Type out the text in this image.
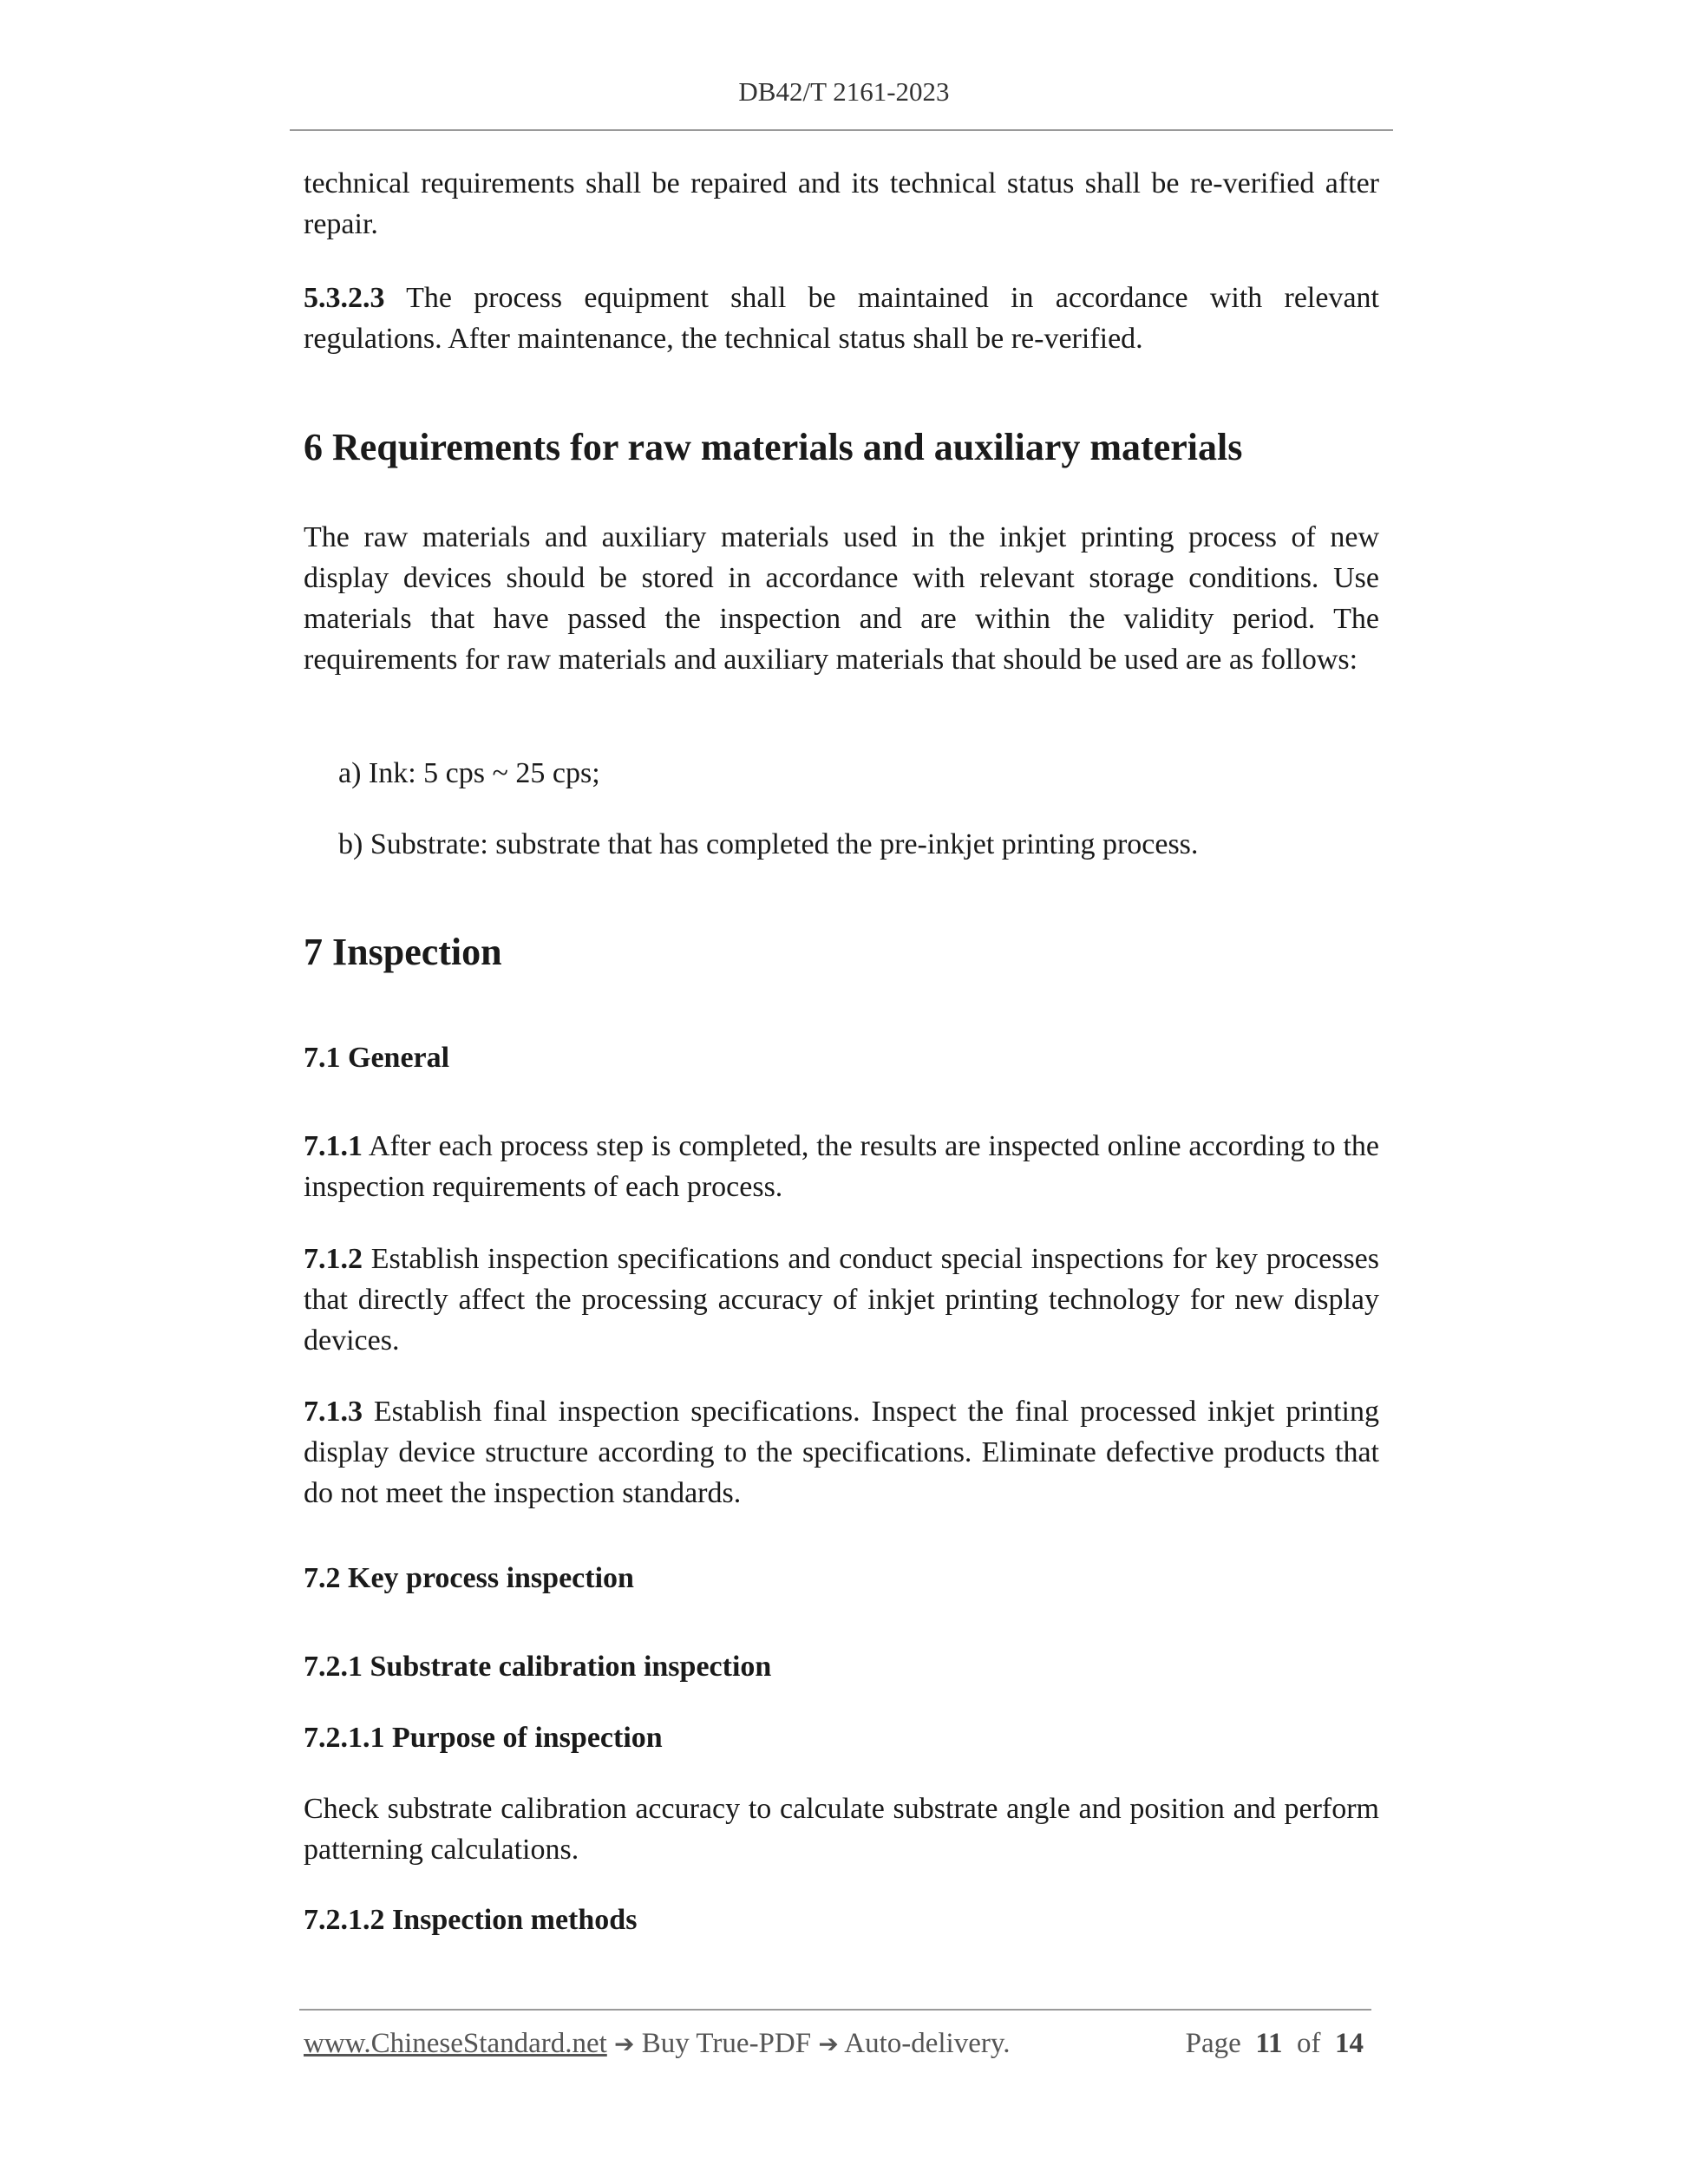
DB42/T 2161-2023

technical requirements shall be repaired and its technical status shall be re-verified after repair.

5.3.2.3 The process equipment shall be maintained in accordance with relevant regulations. After maintenance, the technical status shall be re-verified.

6 Requirements for raw materials and auxiliary materials

The raw materials and auxiliary materials used in the inkjet printing process of new display devices should be stored in accordance with relevant storage conditions. Use materials that have passed the inspection and are within the validity period. The requirements for raw materials and auxiliary materials that should be used are as follows:

a) Ink: 5 cps ~ 25 cps;

b) Substrate: substrate that has completed the pre-inkjet printing process.

7 Inspection
7.1 General

7.1.1 After each process step is completed, the results are inspected online according to the inspection requirements of each process.

7.1.2 Establish inspection specifications and conduct special inspections for key processes that directly affect the processing accuracy of inkjet printing technology for new display devices.

7.1.3 Establish final inspection specifications. Inspect the final processed inkjet printing display device structure according to the specifications. Eliminate defective products that do not meet the inspection standards.

7.2 Key process inspection
7.2.1 Substrate calibration inspection
7.2.1.1 Purpose of inspection

Check substrate calibration accuracy to calculate substrate angle and position and perform patterning calculations.

7.2.1.2 Inspection methods
www.ChineseStandard.net ➔ Buy True-PDF ➔ Auto-delivery.	Page 11 of 14
